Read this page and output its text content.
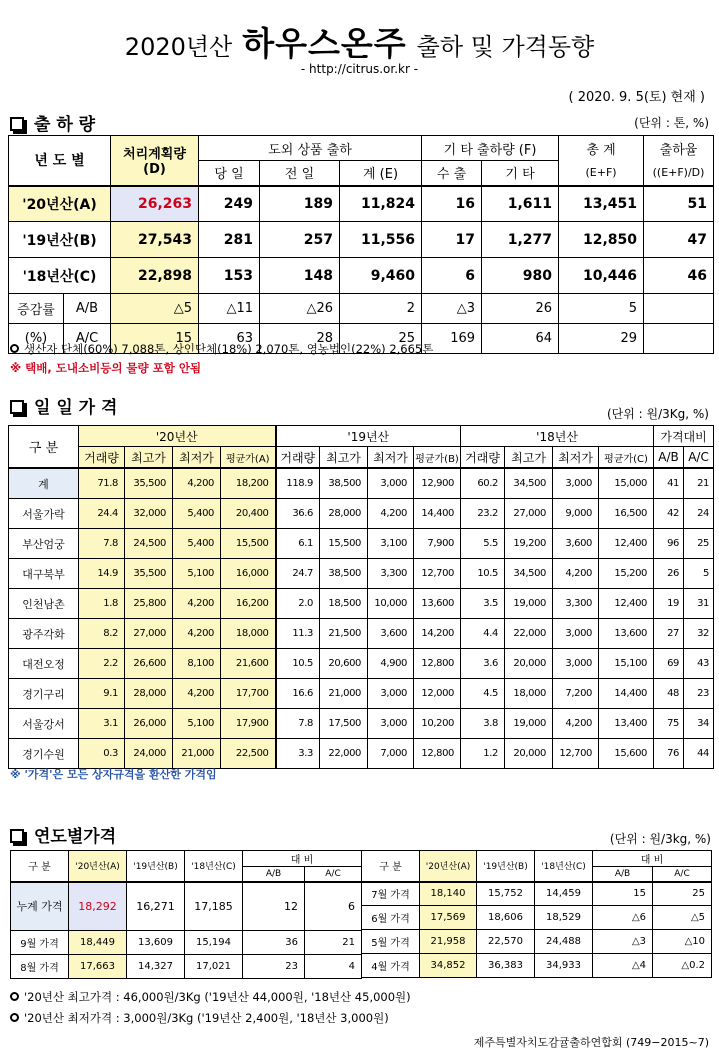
2020년산 하우스온주 출하 및 가격동향
- http://citrus.or.kr -
( 2020. 9. 5(토) 현재 )
출 하 량	(단위 : 톤, %)
년 도 별		처리계획량
(D)	도외 상품 출하			기 타 출하량 (F)		총 계	출하율
			당 일	전 일	계 (E)	수 출	기 타	(E+F)	((E+F)/D)
'20년산(A)		26,263	249	189	11,824	16	1,611	13,451	51
'19년산(B)		27,543	281	257	11,556	17	1,277	12,850	47
'18년산(C)		22,898	153	148	9,460	6	980	10,446	46
증감률	A/B	△5	△11	△26	2	△3	26	5	
(%)	A/C	15	63	28	25	169	64	29	
생산자 단체(60%) 7,088톤, 상인단체(18%) 2,070톤, 영농법인(22%) 2,665톤
※ 택배, 도내소비등의 물량 포함 안됨
일 일 가 격	(단위 : 원/3Kg, %)
구 분	'20년산				'19년산				'18년산				가격대비	
	거래량	최고가	최저가	평균가(A)	거래량	최고가	최저가	평균가(B)	거래량	최고가	최저가	평균가(C)	A/B	A/C
계	71.8	35,500	4,200	18,200	118.9	38,500	3,000	12,900	60.2	34,500	3,000	15,000	41	21
서울가락	24.4	32,000	5,400	20,400	36.6	28,000	4,200	14,400	23.2	27,000	9,000	16,500	42	24
부산엄궁	7.8	24,500	5,400	15,500	6.1	15,500	3,100	7,900	5.5	19,200	3,600	12,400	96	25
대구북부	14.9	35,500	5,100	16,000	24.7	38,500	3,300	12,700	10.5	34,500	4,200	15,200	26	5
인천남촌	1.8	25,800	4,200	16,200	2.0	18,500	10,000	13,600	3.5	19,000	3,300	12,400	19	31
광주각화	8.2	27,000	4,200	18,000	11.3	21,500	3,600	14,200	4.4	22,000	3,000	13,600	27	32
대전오정	2.2	26,600	8,100	21,600	10.5	20,600	4,900	12,800	3.6	20,000	3,000	15,100	69	43
경기구리	9.1	28,000	4,200	17,700	16.6	21,000	3,000	12,000	4.5	18,000	7,200	14,400	48	23
서울강서	3.1	26,000	5,100	17,900	7.8	17,500	3,000	10,200	3.8	19,000	4,200	13,400	75	34
경기수원	0.3	24,000	21,000	22,500	3.3	22,000	7,000	12,800	1.2	20,000	12,700	15,600	76	44
※ '가격'은 모든 상자규격을 환산한 가격임
연도별가격	(단위 : 원/3kg, %)
구 분	'20년산(A)	'19년산(B)	'18년산(C)	대 비	
				A/B	A/C
누계 가격	18,292	16,271	17,185	12	6
9월 가격	18,449	13,609	15,194	36	21
8월 가격	17,663	14,327	17,021	23	4
구 분	'20년산(A)	'19년산(B)	'18년산(C)	대 비	
				A/B	A/C
7월 가격	18,140	15,752	14,459	15	25
6월 가격	17,569	18,606	18,529	△6	△5
5월 가격	21,958	22,570	24,488	△3	△10
4월 가격	34,852	36,383	34,933	△4	△0.2
'20년산 최고가격 : 46,000원/3Kg ('19년산 44,000원, '18년산 45,000원)
'20년산 최저가격 : 3,000원/3Kg ('19년산 2,400원, '18년산 3,000원)
제주특별자치도감귤출하연합회 (749−2015~7)
